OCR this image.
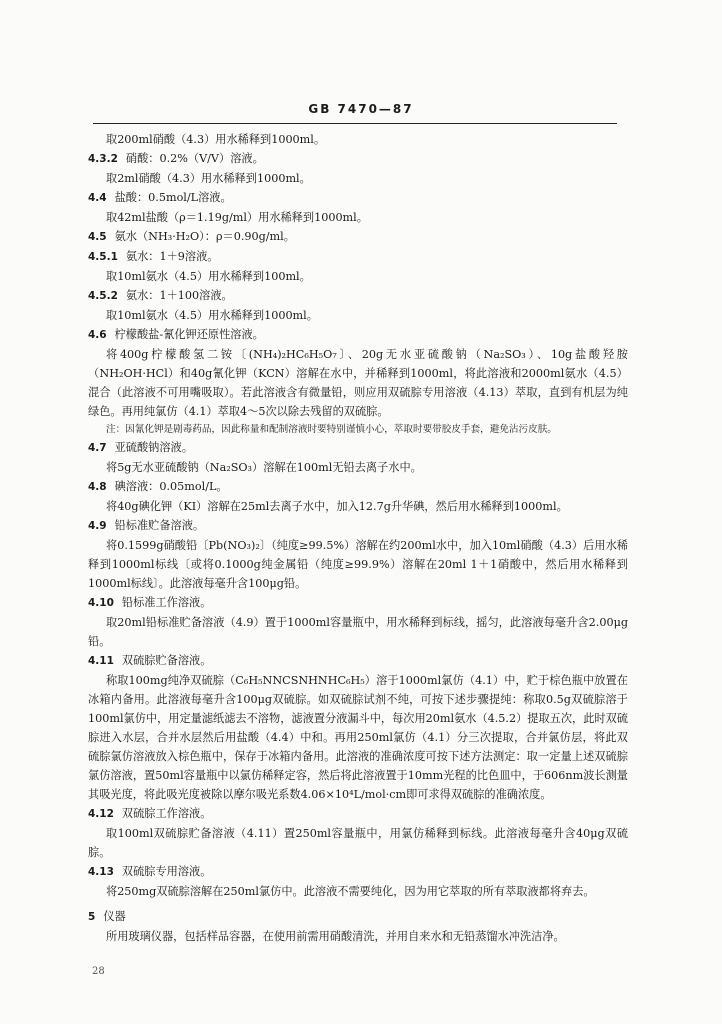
GB 7470—87

取200ml硝酸（4.3）用水稀释到1000ml。

4.3.2 硝酸：0.2%（V/V）溶液。

取2ml硝酸（4.3）用水稀释到1000ml。

4.4 盐酸：0.5mol/L溶液。

取42ml盐酸（ρ＝1.19g/ml）用水稀释到1000ml。

4.5 氨水（NH₃·H₂O）：ρ＝0.90g/ml。

4.5.1 氨水：1＋9溶液。

取10ml氨水（4.5）用水稀释到100ml。

4.5.2 氨水：1＋100溶液。

取10ml氨水（4.5）用水稀释到1000ml。

4.6 柠檬酸盐-氰化钾还原性溶液。

将400g柠檬酸氢二铵〔(NH₄)₂HC₆H₅O₇〕、20g无水亚硫酸钠（Na₂SO₃）、10g盐酸羟胺（NH₂OH·HCl）和40g氰化钾（KCN）溶解在水中，并稀释到1000ml，将此溶液和2000ml氨水（4.5）混合（此溶液不可用嘴吸取）。若此溶液含有微量铅，则应用双硫腙专用溶液（4.13）萃取，直到有机层为纯绿色。再用纯氯仿（4.1）萃取4～5次以除去残留的双硫腙。

注：因氰化钾是剧毒药品，因此称量和配制溶液时要特别谨慎小心，萃取时要带胶皮手套，避免沾污皮肤。

4.7 亚硫酸钠溶液。

将5g无水亚硫酸钠（Na₂SO₃）溶解在100ml无铅去离子水中。

4.8 碘溶液：0.05mol/L。

将40g碘化钾（KI）溶解在25ml去离子水中，加入12.7g升华碘，然后用水稀释到1000ml。

4.9 铅标准贮备溶液。

将0.1599g硝酸铅〔Pb(NO₃)₂〕（纯度≥99.5%）溶解在约200ml水中，加入10ml硝酸（4.3）后用水稀释到1000ml标线〔或将0.1000g纯金属铅（纯度≥99.9%）溶解在20ml 1＋1硝酸中，然后用水稀释到1000ml标线〕。此溶液每毫升含100μg铅。

4.10 铅标准工作溶液。

取20ml铅标准贮备溶液（4.9）置于1000ml容量瓶中，用水稀释到标线，摇匀，此溶液每毫升含2.00μg铅。

4.11 双硫腙贮备溶液。

称取100mg纯净双硫腙（C₆H₅NNCSNHNHC₆H₅）溶于1000ml氯仿（4.1）中，贮于棕色瓶中放置在冰箱内备用。此溶液每毫升含100μg双硫腙。如双硫腙试剂不纯，可按下述步骤提纯：称取0.5g双硫腙溶于100ml氯仿中，用定量滤纸滤去不溶物，滤液置分液漏斗中，每次用20ml氨水（4.5.2）提取五次，此时双硫腙进入水层，合并水层然后用盐酸（4.4）中和。再用250ml氯仿（4.1）分三次提取，合并氯仿层，将此双硫腙氯仿溶液放入棕色瓶中，保存于冰箱内备用。此溶液的准确浓度可按下述方法测定：取一定量上述双硫腙氯仿溶液，置50ml容量瓶中以氯仿稀释定容，然后将此溶液置于10mm光程的比色皿中，于606nm波长测量其吸光度，将此吸光度被除以摩尔吸光系数4.06×10⁴L/mol·cm即可求得双硫腙的准确浓度。

4.12 双硫腙工作溶液。

取100ml双硫腙贮备溶液（4.11）置250ml容量瓶中，用氯仿稀释到标线。此溶液每毫升含40μg双硫腙。

4.13 双硫腙专用溶液。

将250mg双硫腙溶解在250ml氯仿中。此溶液不需要纯化，因为用它萃取的所有萃取液都将弃去。

5 仪器

所用玻璃仪器，包括样品容器，在使用前需用硝酸清洗，并用自来水和无铅蒸馏水冲洗洁净。

28
